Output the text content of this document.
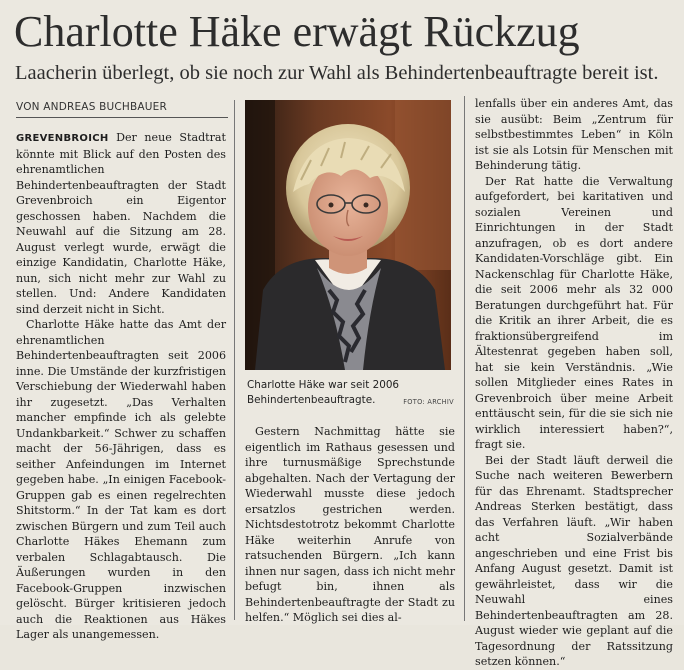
Charlotte Häke erwägt Rückzug
Laacherin überlegt, ob sie noch zur Wahl als Behindertenbeauftragte bereit ist.
VON ANDREAS BUCHBAUER

GREVENBROICH Der neue Stadtrat könnte mit Blick auf den Posten des ehrenamtlichen Behindertenbeauftragten der Stadt Grevenbroich ein Eigentor geschossen haben. Nachdem die Neuwahl auf die Sitzung am 28. August verlegt wurde, erwägt die einzige Kandidatin, Charlotte Häke, nun, sich nicht mehr zur Wahl zu stellen. Und: Andere Kandidaten sind derzeit nicht in Sicht.

Charlotte Häke hatte das Amt der ehrenamtlichen Behindertenbeauftragten seit 2006 inne. Die Umstände der kurzfristigen Verschiebung der Wiederwahl haben ihr zugesetzt. „Das Verhalten mancher empfinde ich als gelebte Undankbarkeit.“ Schwer zu schaffen macht der 56-Jährigen, dass es seither Anfeindungen im Internet gegeben habe. „In einigen Facebook-Gruppen gab es einen regelrechten Shitstorm.“ In der Tat kam es dort zwischen Bürgern und zum Teil auch Charlotte Häkes Ehemann zum verbalen Schlagabtausch. Die Äußerungen wurden in den Facebook-Gruppen inzwischen gelöscht. Bürger kritisieren jedoch auch die Reaktionen aus Häkes Lager als unangemessen.

Charlotte Häke war seit 2006 Behindertenbeauftragte.	FOTO: ARCHIV

Gestern Nachmittag hätte sie eigentlich im Rathaus gesessen und ihre turnusmäßige Sprechstunde abgehalten. Nach der Vertagung der Wiederwahl musste diese jedoch ersatzlos gestrichen werden. Nichtsdestotrotz bekommt Charlotte Häke weiterhin Anrufe von ratsuchenden Bürgern. „Ich kann ihnen nur sagen, dass ich nicht mehr befugt bin, ihnen als Behindertenbeauftragte der Stadt zu helfen.“ Möglich sei dies al-

lenfalls über ein anderes Amt, das sie ausübt: Beim „Zentrum für selbstbestimmtes Leben“ in Köln ist sie als Lotsin für Menschen mit Behinderung tätig.

Der Rat hatte die Verwaltung aufgefordert, bei karitativen und sozialen Vereinen und Einrichtungen in der Stadt anzufragen, ob es dort andere Kandidaten-Vorschläge gibt. Ein Nackenschlag für Charlotte Häke, die seit 2006 mehr als 32 000 Beratungen durchgeführt hat. Für die Kritik an ihrer Arbeit, die es fraktionsübergreifend im Ältestenrat gegeben haben soll, hat sie kein Verständnis. „Wie sollen Mitglieder eines Rates in Grevenbroich über meine Arbeit enttäuscht sein, für die sie sich nie wirklich interessiert haben?“, fragt sie.

Bei der Stadt läuft derweil die Suche nach weiteren Bewerbern für das Ehrenamt. Stadtsprecher Andreas Sterken bestätigt, dass das Verfahren läuft. „Wir haben acht Sozialverbände angeschrieben und eine Frist bis Anfang August gesetzt. Damit ist gewährleistet, dass wir die Neuwahl eines Behindertenbeauftragten am 28. August wieder wie geplant auf die Tagesordnung der Ratssitzung setzen können.“
